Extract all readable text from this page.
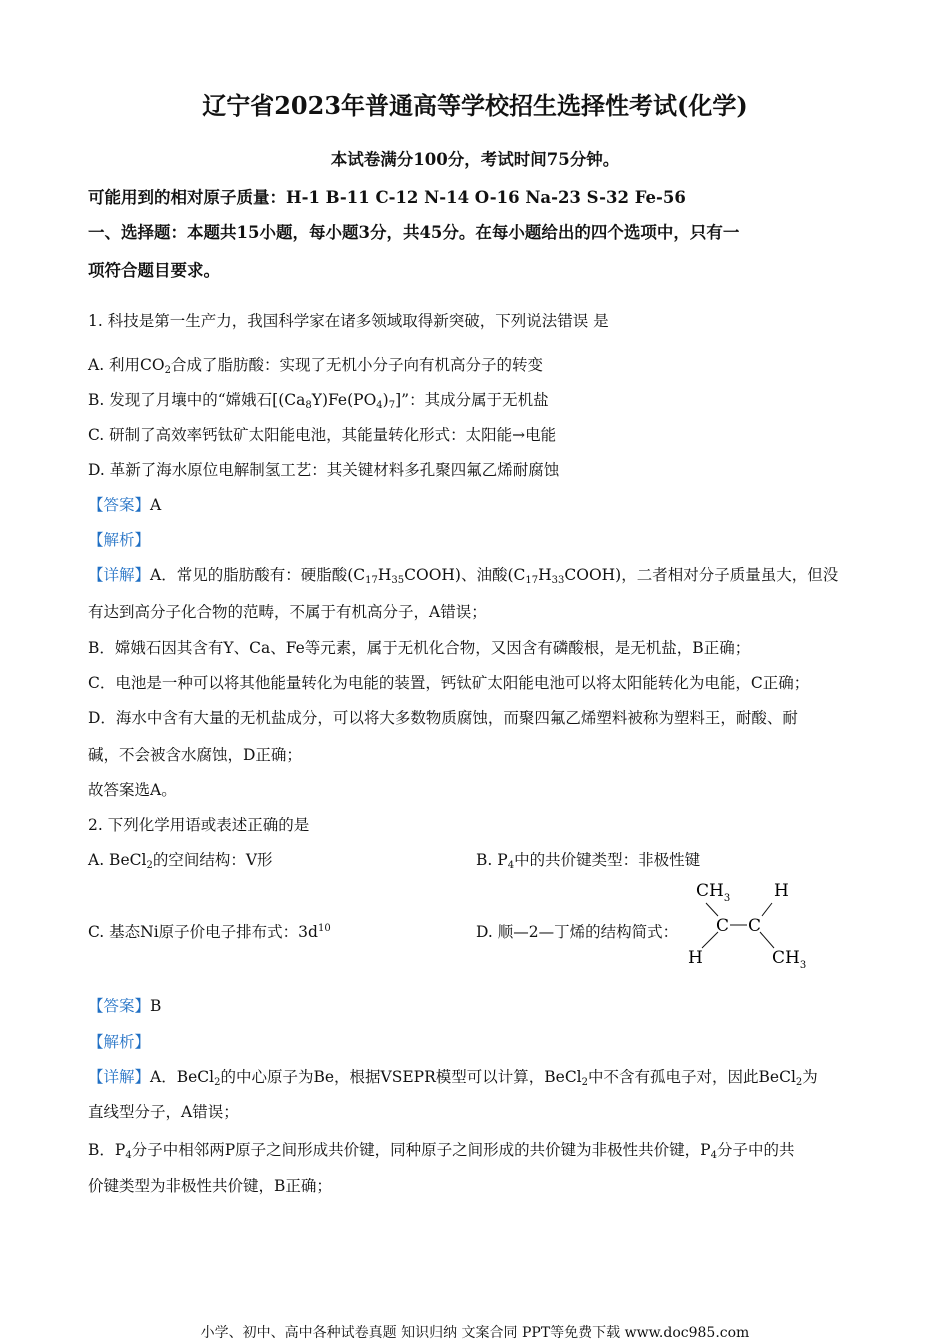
辽宁省2023年普通高等学校招生选择性考试(化学)
本试卷满分100分，考试时间75分钟。
可能用到的相对原子质量：H-1 B-11 C-12 N-14 O-16 Na-23 S-32 Fe-56
一、选择题：本题共15小题，每小题3分，共45分。在每小题给出的四个选项中，只有一
项符合题目要求。
1. 科技是第一生产力，我国科学家在诸多领域取得新突破，下列说法错误 是
A. 利用$CO_2$合成了脂肪酸：实现了无机小分子向有机高分子的转变
B. 发现了月壤中的“嫦娥石$[(Ca_8Y)Fe(PO_4)_7]$”：其成分属于无机盐
C. 研制了高效率钙钛矿太阳能电池，其能量转化形式：太阳能→电能
D. 革新了海水原位电解制氢工艺：其关键材料多孔聚四氟乙烯耐腐蚀
【答案】A
【解析】
【详解】A．常见的脂肪酸有：硬脂酸$(C_{17}H_{35}COOH)$、油酸$(C_{17}H_{33}COOH)$，二者相对分子质量虽大，但没
有达到高分子化合物的范畴，不属于有机高分子，A错误；
B．嫦娥石因其含有Y、Ca、Fe等元素，属于无机化合物，又因含有磷酸根，是无机盐，B正确；
C．电池是一种可以将其他能量转化为电能的装置，钙钛矿太阳能电池可以将太阳能转化为电能，C正确；
D．海水中含有大量的无机盐成分，可以将大多数物质腐蚀，而聚四氟乙烯塑料被称为塑料王，耐酸、耐
碱，不会被含水腐蚀，D正确；
故答案选A。
2. 下列化学用语或表述正确的是
A. BeCl$_2$的空间结构：V形	B. $P_4$中的共价键类型：非极性键
C. 基态Ni原子价电子排布式：$3d^{10}$	D. 顺—2—丁烯的结构简式：
$CH_3$	H
C C
H	$CH_3$
【答案】B
【解析】
【详解】A．BeCl$_2$的中心原子为Be，根据VSEPR模型可以计算，BeCl$_2$中不含有孤电子对，因此BeCl$_2$为
直线型分子，A错误；
B．$P_4$分子中相邻两P原子之间形成共价键，同种原子之间形成的共价键为非极性共价键，$P_4$分子中的共
价键类型为非极性共价键，B正确；
小学、初中、高中各种试卷真题 知识归纳 文案合同 PPT等免费下载 www.doc985.com
